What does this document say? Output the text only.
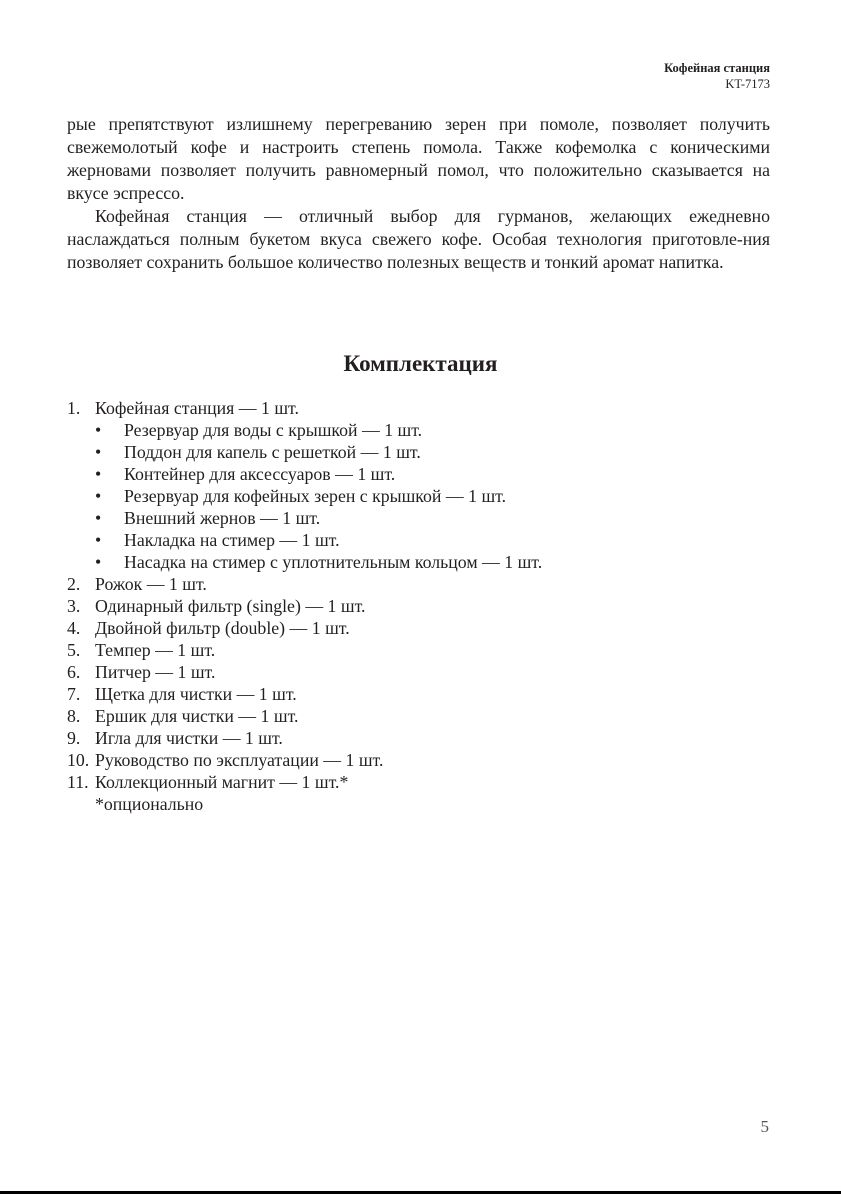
Кофейная станция
KT-7173

рые препятствуют излишнему перегреванию зерен при помоле, позволяет получить свежемолотый кофе и настроить степень помола. Также кофемолка с коническими жерновами позволяет получить равномерный помол, что положительно сказывается на вкусе эспрессо.

Кофейная станция — отличный выбор для гурманов, желающих ежедневно наслаждаться полным букетом вкуса свежего кофе. Особая технология приготовле-ния позволяет сохранить большое количество полезных веществ и тонкий аромат напитка.

Комплектация
1. Кофейная станция — 1 шт.
• Резервуар для воды с крышкой — 1 шт.
• Поддон для капель с решеткой — 1 шт.
• Контейнер для аксессуаров — 1 шт.
• Резервуар для кофейных зерен с крышкой — 1 шт.
• Внешний жернов — 1 шт.
• Накладка на стимер — 1 шт.
• Насадка на стимер с уплотнительным кольцом — 1 шт.
2. Рожок — 1 шт.
3. Одинарный фильтр (single) — 1 шт.
4. Двойной фильтр (double) — 1 шт.
5. Темпер — 1 шт.
6. Питчер — 1 шт.
7. Щетка для чистки — 1 шт.
8. Ершик для чистки — 1 шт.
9. Игла для чистки — 1 шт.
10. Руководство по эксплуатации — 1 шт.
11. Коллекционный магнит — 1 шт.*
*опционально
5
